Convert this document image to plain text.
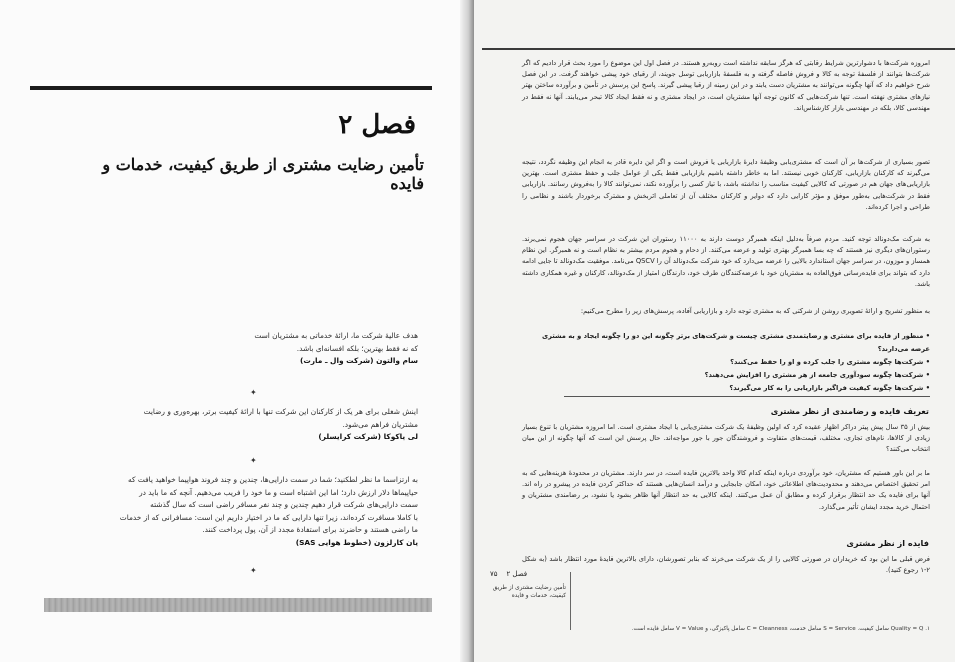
فصل ۲
تأمین رضایت مشتری از طریق کیفیت، خدمات و فایده
هدف عالیهٔ شرکت ما، ارائهٔ خدماتی به مشتریان است
که نه فقط بهترین؛ بلکه افسانه‌ای باشد.
سام والتون (شرکت وال ـ مارت)
✦
اینش شغلی برای هر یک از کارکنان این شرکت تنها با ارائهٔ کیفیت برتر، بهره‌وری و رضایت
مشتریان فراهم می‌شود.
لی یاکوکا (شرکت کرایسلر)
✦
به ارتزاسما ما نظر لطکنید؛ شما در سمت دارایی‌ها، چندین و چند فروند هواپیما خواهید یافت که
حیاپیما‌ها دلار ارزش دارد؛ اما این اشتباه است و ما خود را فریب می‌دهیم. آنچه که ما باید در
سمت دارایی‌های شرکت قرار دهیم چندین و چند نفر مسافر راضی است که سال گذشته
با کاملا مسافرت کرده‌اند، زیرا تنها دارایی که ما در اختیار داریم این است: مسافرانی که از خدمات
ما راضی هستند و حاضرند برای استفادهٔ مجدد از آن، پول پرداخت کنند.
یان کارلزون (خطوط هوایی SAS)
✦
امروزه شرکت‌ها با دشوارترین شرایط رقابتی که هرگز سابقه نداشته است روبه‌رو هستند. در فصل اول این موضوع را مورد بحث قرار دادیم که اگر شرکت‌ها بتوانند از فلسفهٔ توجه به کالا و فروش فاصله گرفته و به فلسفهٔ بازاریابی توسل جویند، از رقبای خود پیشی خواهند گرفت. در این فصل شرح خواهیم داد که آنها چگونه می‌توانند به مشتریان دست یابند و در این زمینه از رقبا پیشی گیرند. پاسخ این پرسش در تأمین و برآورده ساختن بهتر نیازهای مشتری نهفته است. تنها شرکت‌هایی که کانون توجه آنها مشتریان است، در ایجاد مشتری و نه فقط ایجاد کالا تبحر می‌یابند. آنها نه فقط در مهندسی کالا، بلکه در مهندسی بازار کارشناس‌اند.
تصور بسیاری از شرکت‌ها بر آن است که مشتری‌یابی وظیفهٔ دایرهٔ بازاریابی یا فروش است و اگر این دایره قادر به انجام این وظیفه نگردد، نتیجه می‌گیرند که کارکنان بازاریابی، کارکنان خوبی نیستند. اما به خاطر داشته باشیم بازاریابی فقط یکی از عوامل جلب و حفظ مشتری است. بهترین بازاریابی‌های جهان هم در صورتی که کالایی کیفیت مناسب را نداشته باشد، با تیاز کسی را برآورده نکند، نمی‌توانند کالا را به‌فروش رسانند. بازاریابی فقط در شرکت‌هایی به‌طور موفق و مؤثر کارایی دارد که دوایر و کارکنان مختلف آن از تعاملی اثربخش و مشترک برخوردار باشند و نظامی را طراحی و اجرا کرده‌اند.
به شرکت مک‌دونالد توجه کنید. مردم صرفاً به‌دلیل اینکه همبرگر دوست دارند به ۱۱۰۰۰ رستوران این شرکت در سراسر جهان هجوم نمی‌برند. رستوران‌های دیگری نیز هستند که چه بسا همبرگر بهتری تولید و عرضه می‌کنند. از دحام و هجوم مردم بیشتر به نظام است و نه همبرگر. این نظام همساز و موزون، در سراسر جهان استاندارد بالایی را عرضه می‌دارد که خود شرکت مک‌دونالد آن را QSCV می‌نامد. موفقیت مک‌دونالد تا جایی ادامه دارد که بتواند برای فایده‌رسانی فوق‌العاده به مشتریان خود با عرضه‌کنندگان طرف خود، دارندگان امتیاز از مک‌دونالد، کارکنان و غیره همکاری داشته باشد.
به منظور تشریح و ارائهٔ تصویری روشن از شرکتی که به مشتری توجه دارد و بازاریابی آفاده، پرسش‌های زیر را مطرح می‌کنیم:
• منظور از فایده برای مشتری و رضایتمندی مشتری چیست و شرکت‌های برتر چگونه این دو را چگونه ایجاد و به مشتری عرضه می‌دارند؟
• شرکت‌ها چگونه مشتری را جلب کرده و او را حفظ می‌کنند؟
• شرکت‌ها چگونه سودآوری جامعه از هر مشتری را افزایش می‌دهند؟
• شرکت‌ها چگونه کیفیت فراگیر بازاریابی را به کار می‌گیرند؟
تعریف فایده و رضامندی از نظر مشتری
بیش از ۳۵ سال پیش پیتر دراکر اظهار عقیده کرد که اولین وظیفهٔ یک شرکت مشتری‌یابی یا ایجاد مشتری است. اما امروزه مشتریان با تنوع بسیار زیادی از کالاها، نام‌های تجاری، مختلف، قیمت‌های متفاوت و فروشندگان جور با جور مواجه‌اند. حال پرسش این است که آنها چگونه از این میان انتخاب می‌کنند؟
ما بر این باور هستیم که مشتریان، خود برآوردی درباره اینکه کدام کالا واحد بالاترین فایده است، در سر دارند. مشتریان در محدودهٔ هزینه‌هایی که به امر تحقیق اختصاص می‌دهند و محدودیت‌های اطلاعاتی خود، امکان جابجایی و درآمد انسان‌هایی هستند که حداکثر کردن فایده در پیشرو در راه اند. آنها برای فایده یک حد انتظار برقرار کرده و مطابق آن عمل می‌کنند. اینکه کالایی به حد انتظار آنها ظاهر بشود یا نشود، بر رضامندی مشتریان و احتمال خرید مجدد ایشان تأثیر می‌گذارد.
فایده از نظر مشتری
فرض قبلی ما این بود که خریداران در صورتی کالایی را از یک شرکت می‌خرند که بنابر تصورشان، دارای بالاترین فایدهٔ مورد انتظار باشد (به شکل ۲-۱ رجوع کنید).
۷۵ فصل ۲
تأمین رضایت مشتری از طریق کیفیت، خدمات و فایده
۱. Quality = Q سامل کیفیت. S = Service سامل خدمت، C = Cleanness سامل پاکیزگی، و V = Value سامل فایده است.
